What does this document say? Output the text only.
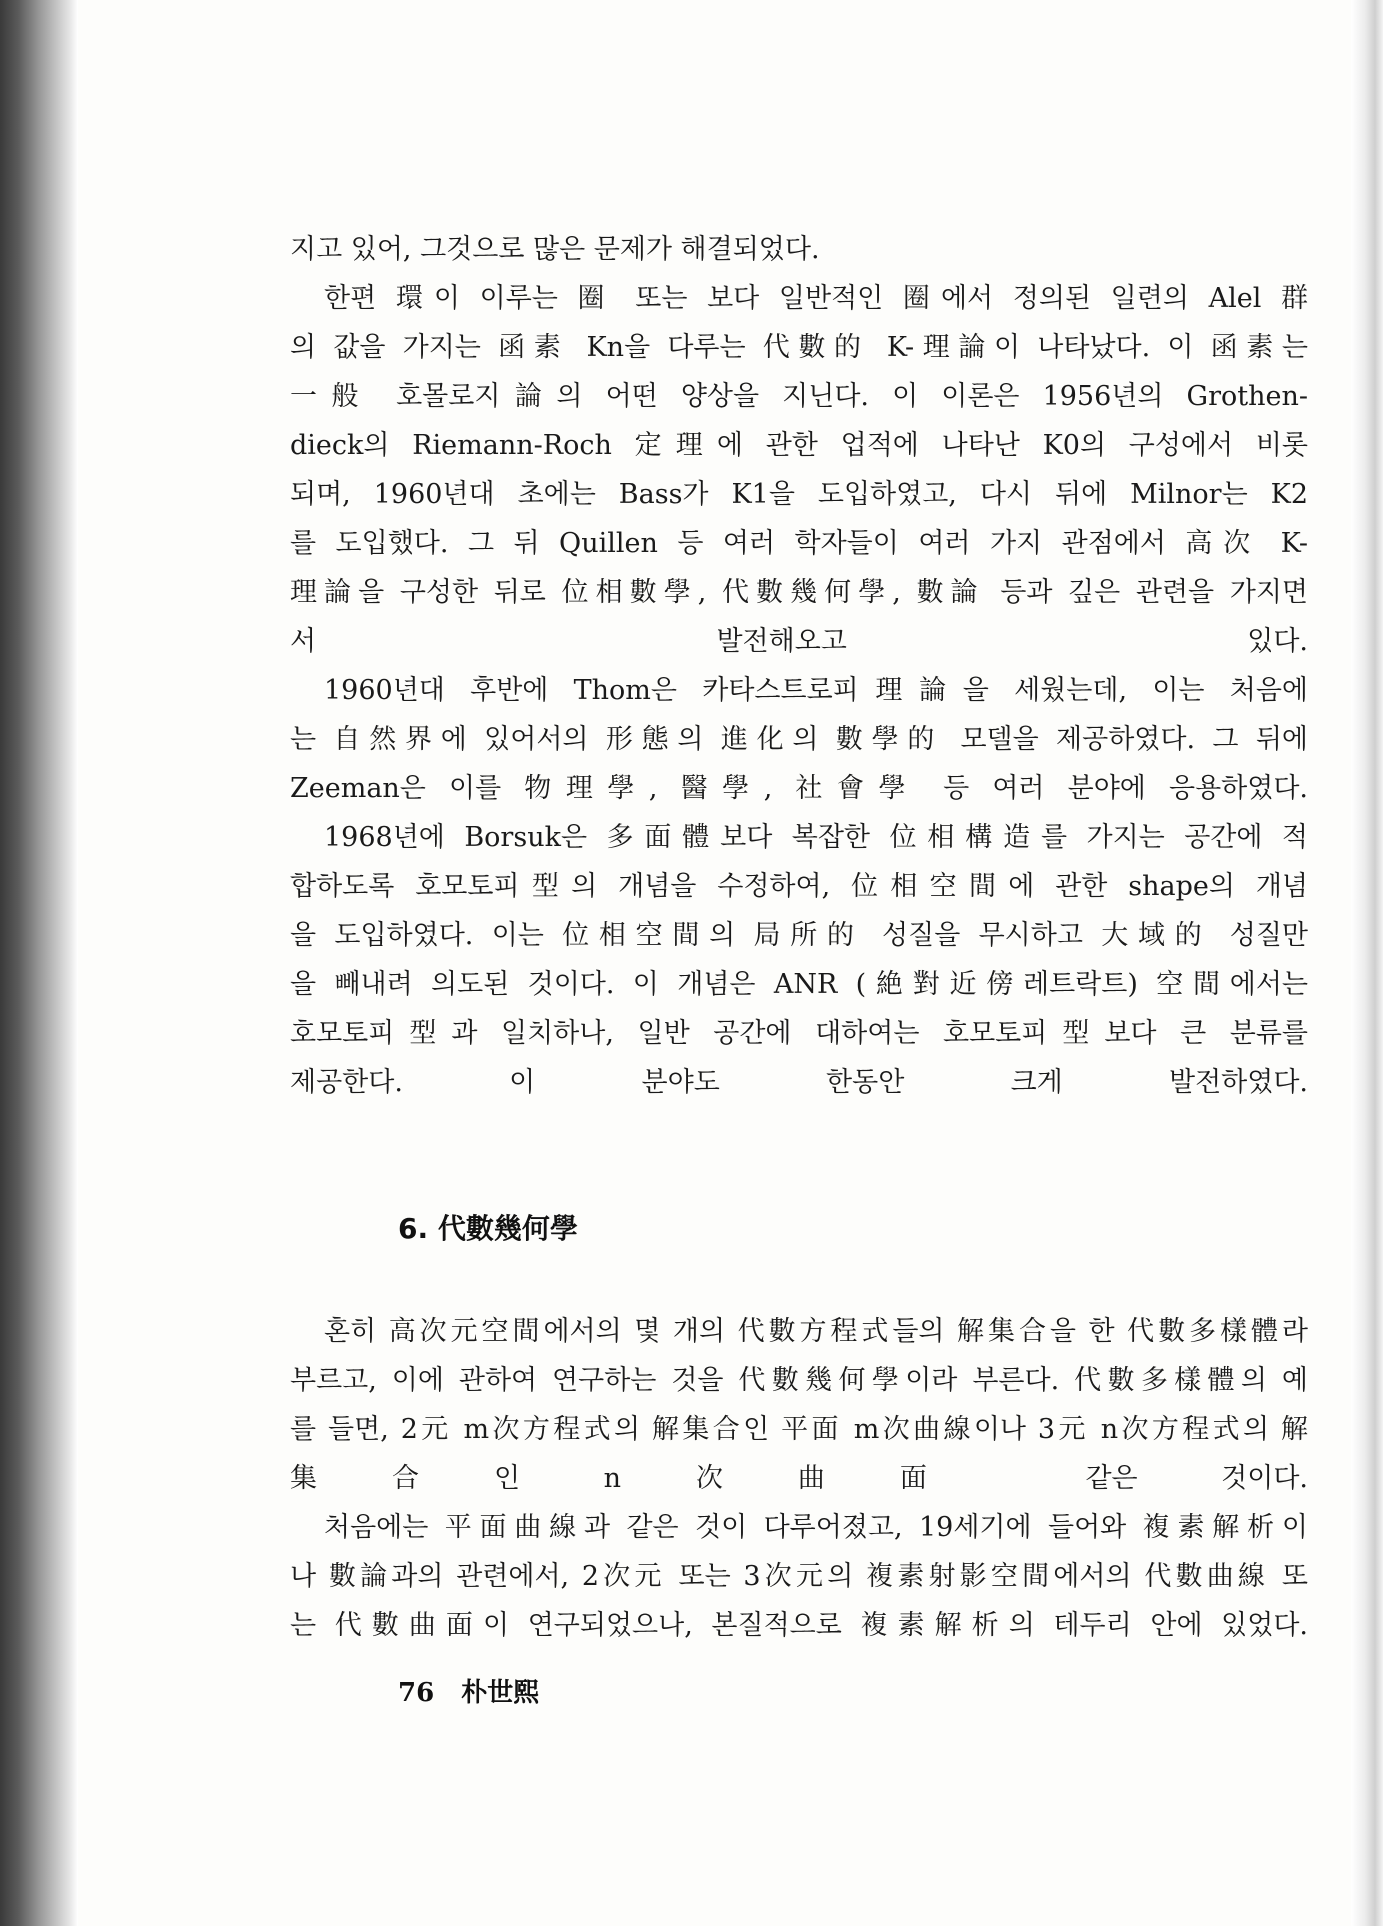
지고 있어, 그것으로 많은 문제가 해결되었다.

한편 環이 이루는 圈 또는 보다 일반적인 圈에서 정의된 일련의 Alel 群
의 값을 가지는 函素 Kn을 다루는 代數的 K-理論이 나타났다. 이 函素는
一般 호몰로지論의 어떤 양상을 지닌다. 이 이론은 1956년의 Grothen-
dieck의 Riemann-Roch 定理에 관한 업적에 나타난 K0의 구성에서 비롯
되며, 1960년대 초에는 Bass가 K1을 도입하였고, 다시 뒤에 Milnor는 K2
를 도입했다. 그 뒤 Quillen 등 여러 학자들이 여러 가지 관점에서 高次 K-
理論을 구성한 뒤로 位相數學, 代數幾何學, 數論 등과 깊은 관련을 가지면
서 발전해오고 있다.

1960년대 후반에 Thom은 카타스트로피理論을 세웠는데, 이는 처음에
는 自然界에 있어서의 形態의 進化의 數學的 모델을 제공하였다. 그 뒤에
Zeeman은 이를 物理學, 醫學, 社會學 등 여러 분야에 응용하였다.

1968년에 Borsuk은 多面體보다 복잡한 位相構造를 가지는 공간에 적
합하도록 호모토피型의 개념을 수정하여, 位相空間에 관한 shape의 개념
을 도입하였다. 이는 位相空間의 局所的 성질을 무시하고 大域的 성질만
을 빼내려 의도된 것이다. 이 개념은 ANR (絶對近傍레트락트) 空間에서는
호모토피型과 일치하나, 일반 공간에 대하여는 호모토피型보다 큰 분류를
제공한다. 이 분야도 한동안 크게 발전하였다.

6. 代數幾何學

혼히 高次元空間에서의 몇 개의 代數方程式들의 解集合을 한 代數多樣體라
부르고, 이에 관하여 연구하는 것을 代數幾何學이라 부른다. 代數多樣體의 예
를 들면, 2元 m次方程式의 解集合인 平面 m次曲線이나 3元 n次方程式의 解
集合인 n次曲面 같은 것이다.

처음에는 平面曲線과 같은 것이 다루어졌고, 19세기에 들어와 複素解析이
나 數論과의 관련에서, 2次元 또는 3次元의 複素射影空間에서의 代數曲線 또
는 代數曲面이 연구되었으나, 본질적으로 複素解析의 테두리 안에 있었다.

76 朴世熙
